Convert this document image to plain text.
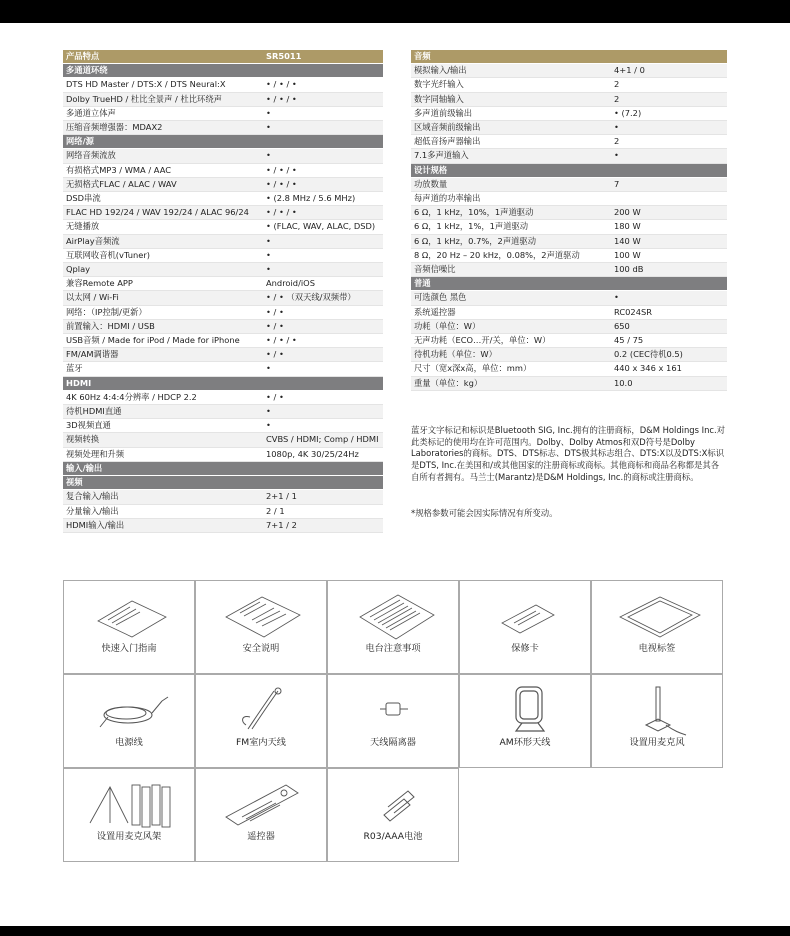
产品特点	SR5011
多通道环绕	
DTS HD Master / DTS:X / DTS Neural:X	• / • / •
Dolby TrueHD / 杜比全景声 / 杜比环绕声	• / • / •
多通道立体声	•
压缩音频增强器：MDAX2	•
网络/源	
网络音频流放	•
有损格式MP3 / WMA / AAC	• / • / •
无损格式FLAC / ALAC / WAV	• / • / •
DSD串流	• (2.8 MHz / 5.6 MHz)
FLAC HD 192/24 / WAV 192/24 / ALAC 96/24	• / • / •
无缝播放	• (FLAC, WAV, ALAC, DSD)
AirPlay音频流	•
互联网收音机(vTuner)	•
Qplay	•
兼容Remote APP	Android/iOS
以太网 / Wi-Fi	• / • （双天线/双频带）
网络：（IP控制/更新）	• / •
前置输入：HDMI / USB	• / •
USB音频 / Made for iPod / Made for iPhone	• / • / •
FM/AM调谐器	• / •
蓝牙	•
HDMI	
4K 60Hz 4:4:4分辨率 / HDCP 2.2	• / •
待机HDMI直通	•
3D视频直通	•
视频转换	CVBS / HDMI; Comp / HDMI
视频处理和升频	1080p, 4K 30/25/24Hz
输入/输出	
视频	
复合输入/输出	2+1 / 1
分量输入/输出	2 / 1
HDMI输入/输出	7+1 / 2
音频	
模拟输入/输出	4+1 / 0
数字光纤输入	2
数字同轴输入	2
多声道前级输出	• (7.2)
区域音频前级输出	•
超低音扬声器输出	2
7.1多声道输入	•
设计规格	
功放数量	7
每声道的功率输出	
6 Ω，1 kHz，10%，1声道驱动	200 W
6 Ω，1 kHz，1%，1声道驱动	180 W
6 Ω，1 kHz，0.7%，2声道驱动	140 W
8 Ω，20 Hz – 20 kHz，0.08%，2声道驱动	100 W
音频信噪比	100 dB
普通	
可选颜色 黑色	•
系统遥控器	RC024SR
功耗（单位：W）	650
无声功耗（ECO…开/关，单位：W）	45 / 75
待机功耗（单位：W）	0.2 (CEC待机0.5)
尺寸（宽x深x高，单位：mm）	440 x 346 x 161
重量（单位：kg）	10.0

蓝牙文字标记和标识是Bluetooth SIG, Inc.拥有的注册商标，D&M Holdings Inc.对此类标记的使用均在许可范围内。Dolby、Dolby Atmos和双D符号是Dolby Laboratories的商标。DTS、DTS标志、DTS极其标志组合、DTS:X以及DTS:X标识是DTS, Inc.在美国和/或其他国家的注册商标或商标。其他商标和商品名称都是其各自所有者拥有。马兰士(Marantz)是D&M Holdings, Inc.的商标或注册商标。

*规格参数可能会因实际情况有所变动。

快速入门指南	安全说明	电台注意事项	保修卡	电视标签
电源线	FM室内天线	天线隔离器	AM环形天线	设置用麦克风
设置用麦克风架	遥控器	R03/AAA电池
